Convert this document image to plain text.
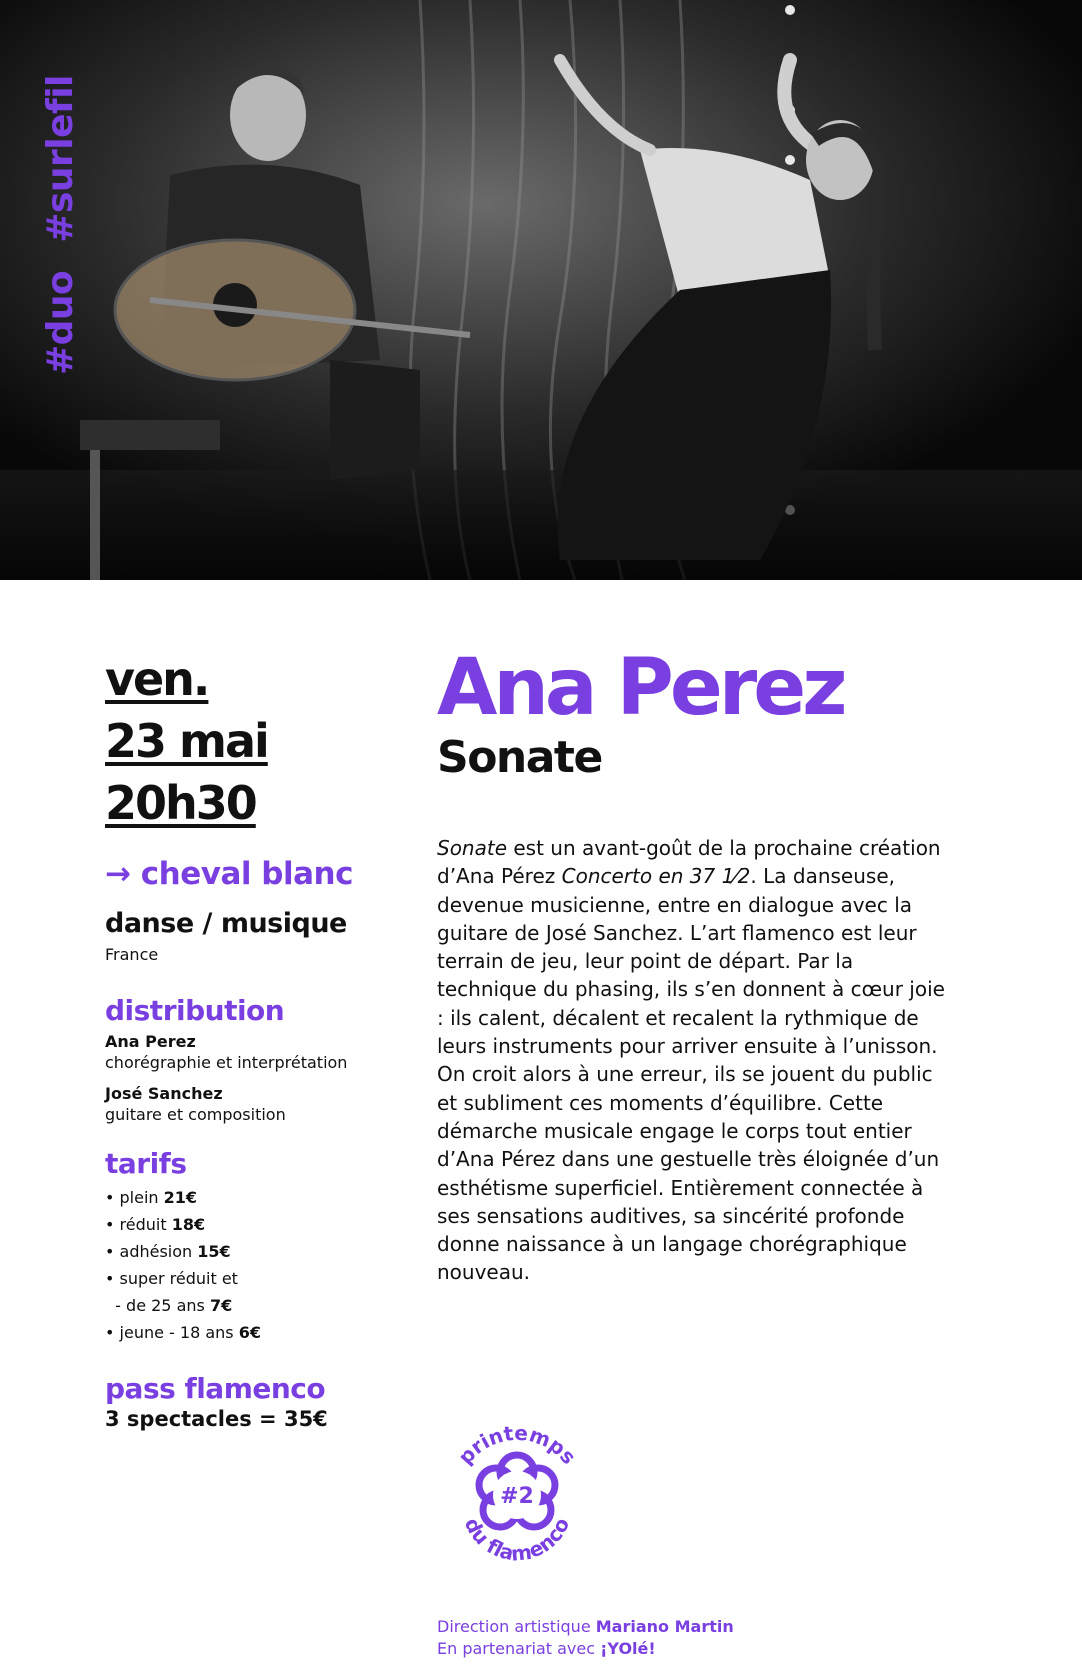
#duo#surlefil
ven.
23 mai
20h30
→ cheval blanc
danse / musique
France
distribution
Ana Perez
chorégraphie et interprétation
José Sanchez
guitare et composition
tarifs
• plein 21€
• réduit 18€
• adhésion 15€
• super réduit et
- de 25 ans 7€
• jeune - 18 ans 6€
pass flamenco
3 spectacles = 35€
Ana Perez
Sonate

Sonate est un avant-goût de la prochaine création d’Ana Pérez Concerto en 37 1⁄2. La danseuse, devenue musicienne, entre en dialogue avec la guitare de José Sanchez. L’art flamenco est leur terrain de jeu, leur point de départ. Par la technique du phasing, ils s’en donnent à cœur joie : ils calent, décalent et recalent la rythmique de leurs instruments pour arriver ensuite à l’unisson. On croit alors à une erreur, ils se jouent du public et subliment ces moments d’équilibre. Cette démarche musicale engage le corps tout entier d’Ana Pérez dans une gestuelle très éloignée d’un esthétisme superficiel. Entièrement connectée à ses sensations auditives, sa sincérité profonde donne naissance à un langage chorégraphique nouveau.

#2
printemps
du flamenco
Direction artistique Mariano Martin
En partenariat avec ¡YOlé!
